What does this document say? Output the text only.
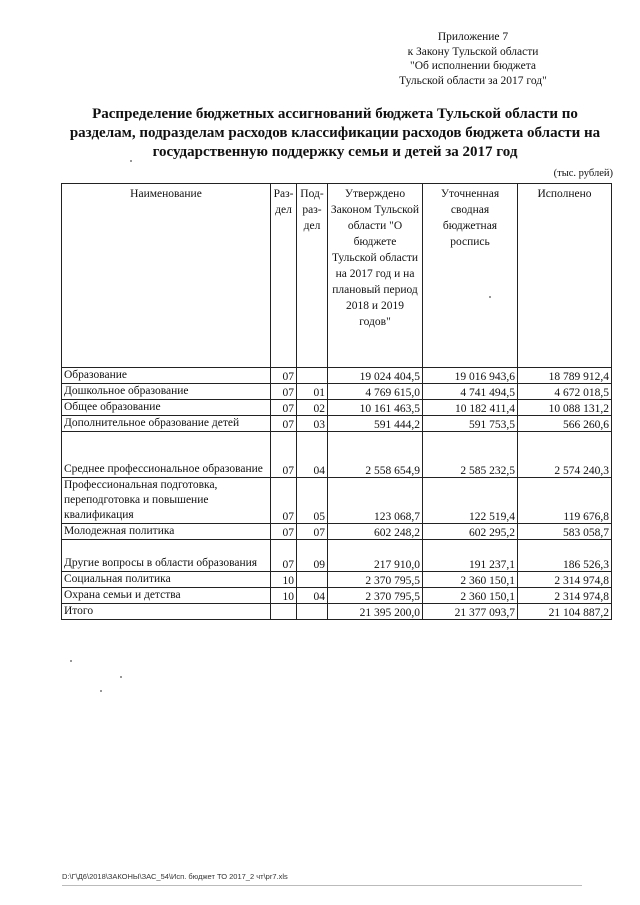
Приложение 7
к Закону Тульской области
"Об исполнении бюджета
Тульской области за 2017 год"
Распределение бюджетных ассигнований бюджета Тульской области по разделам, подразделам расходов классификации расходов бюджета области на государственную поддержку семьи и детей за 2017 год
(тыс. рублей)
Наименование	Раз-дел	Под-раз-дел	Утверждено Законом Тульской области "О бюджете Тульской области на 2017 год и на плановый период 2018 и 2019 годов"	Уточненная сводная бюджетная роспись	Исполнено
Образование	07		19 024 404,5	19 016 943,6	18 789 912,4
Дошкольное образование	07	01	4 769 615,0	4 741 494,5	4 672 018,5
Общее образование	07	02	10 161 463,5	10 182 411,4	10 088 131,2
Дополнительное образование детей	07	03	591 444,2	591 753,5	566 260,6
Среднее профессиональное образование	07	04	2 558 654,9	2 585 232,5	2 574 240,3
Профессиональная подготовка, переподготовка и повышение квалификация	07	05	123 068,7	122 519,4	119 676,8
Молодежная политика	07	07	602 248,2	602 295,2	583 058,7
Другие вопросы в области образования	07	09	217 910,0	191 237,1	186 526,3
Социальная политика	10		2 370 795,5	2 360 150,1	2 314 974,8
Охрана семьи и детства	10	04	2 370 795,5	2 360 150,1	2 314 974,8
Итого			21 395 200,0	21 377 093,7	21 104 887,2
D:\Г\Д6\2018\ЗАКОНЫ\ЗАС_54\Исп. бюджет ТО 2017_2 чт\pr7.xls
